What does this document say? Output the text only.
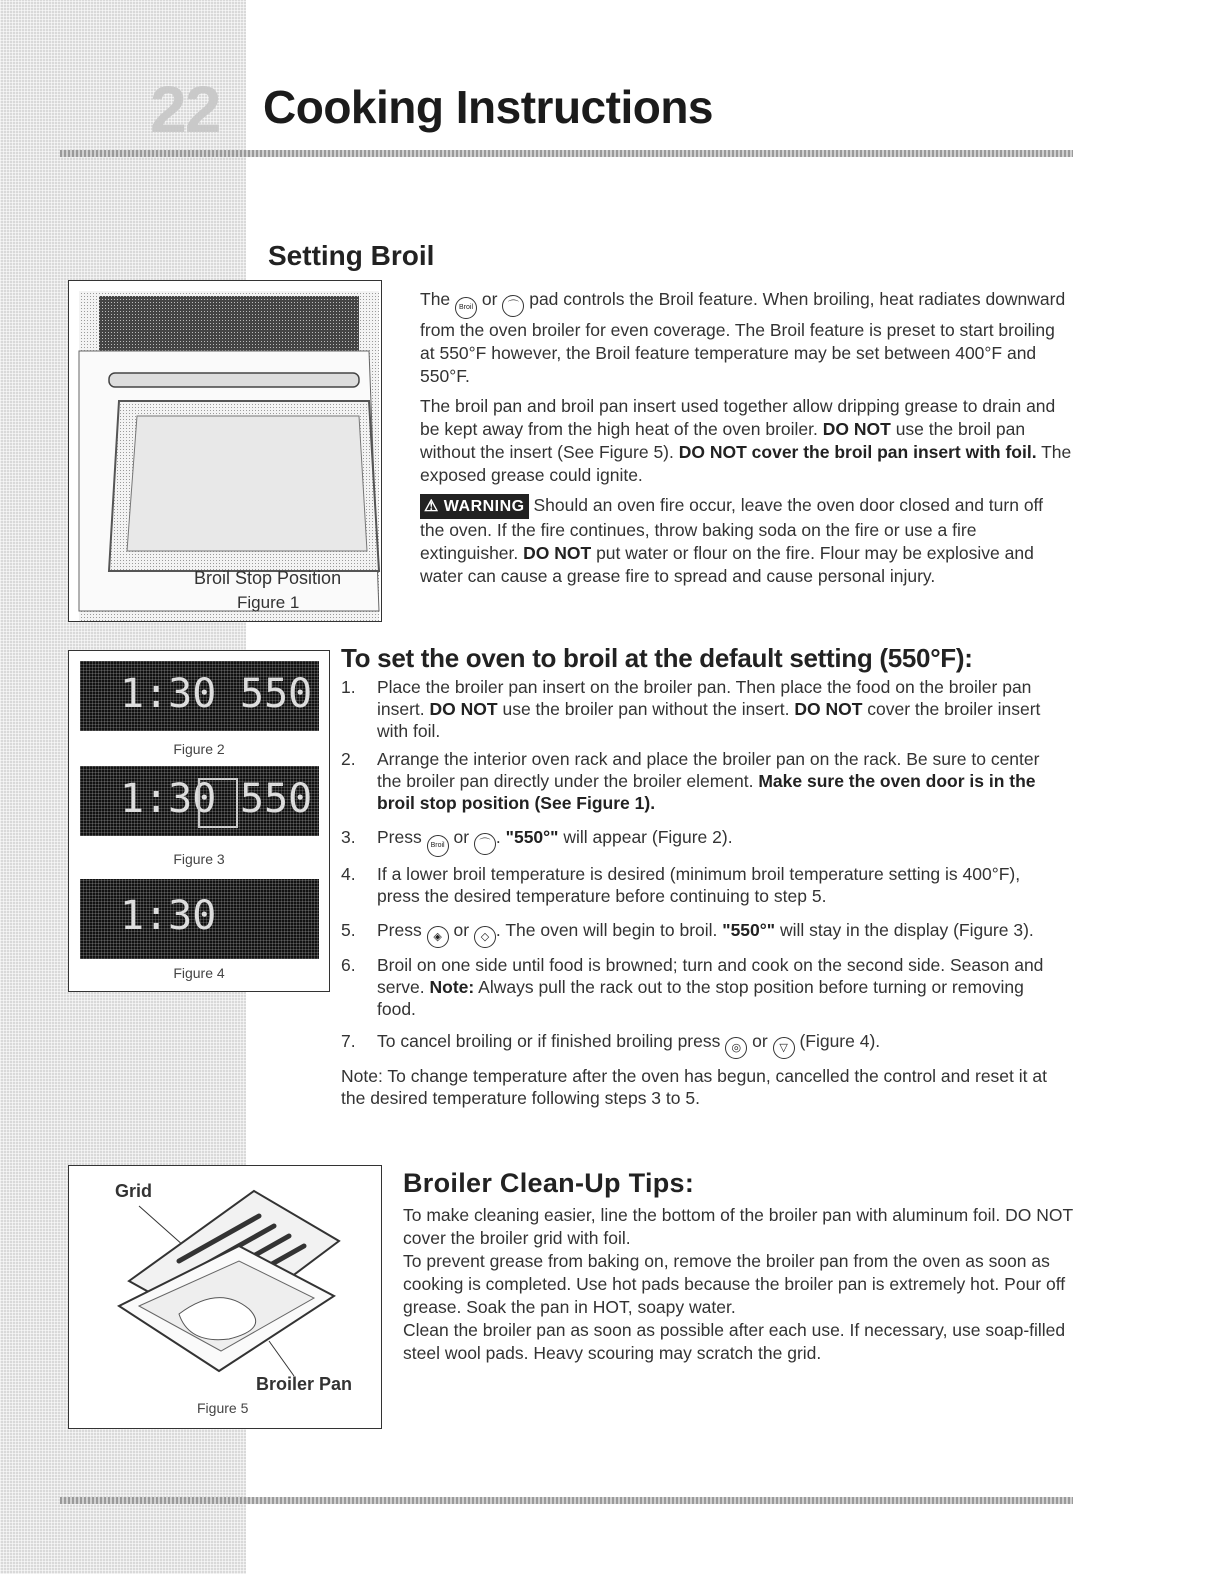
22 Cooking Instructions
Setting Broil
Broil Stop Position
Figure 1

The Broil or ⌒ pad controls the Broil feature. When broiling, heat radiates downward from the oven broiler for even coverage. The Broil feature is preset to start broiling at 550°F however, the Broil feature temperature may be set between 400°F and 550°F.

The broil pan and broil pan insert used together allow dripping grease to drain and be kept away from the high heat of the oven broiler. DO NOT use the broil pan without the insert (See Figure 5). DO NOT cover the broil pan insert with foil. The exposed grease could ignite.

⚠ WARNING Should an oven fire occur, leave the oven door closed and turn off the oven. If the fire continues, throw baking soda on the fire or use a fire extinguisher. DO NOT put water or flour on the fire. Flour may be explosive and water can cause a grease fire to spread and cause personal injury.

1:30 550
Figure 2
1:30 550
Figure 3
1:30
Figure 4
To set the oven to broil at the default setting (550°F):
1. Place the broiler pan insert on the broiler pan. Then place the food on the broiler pan insert. DO NOT use the broiler pan without the insert. DO NOT cover the broiler insert with foil.
2. Arrange the interior oven rack and place the broiler pan on the rack. Be sure to center the broiler pan directly under the broiler element. Make sure the oven door is in the broil stop position (See Figure 1).
3. Press Broil or ⌒ . "550°" will appear (Figure 2).
4. If a lower broil temperature is desired (minimum broil temperature setting is 400°F), press the desired temperature before continuing to step 5.
5. Press ◈ or ◇ . The oven will begin to broil. "550°" will stay in the display (Figure 3).
6. Broil on one side until food is browned; turn and cook on the second side. Season and serve. Note: Always pull the rack out to the stop position before turning or removing food.
7. To cancel broiling or if finished broiling press ◎ or ▽ (Figure 4).
Note: To change temperature after the oven has begun, cancelled the control and reset it at the desired temperature following steps 3 to 5.
Grid
Broiler Pan
Figure 5
Broiler Clean-Up Tips:
To make cleaning easier, line the bottom of the broiler pan with aluminum foil. DO NOT cover the broiler grid with foil.
To prevent grease from baking on, remove the broiler pan from the oven as soon as cooking is completed. Use hot pads because the broiler pan is extremely hot. Pour off grease. Soak the pan in HOT, soapy water.
Clean the broiler pan as soon as possible after each use. If necessary, use soap-filled steel wool pads. Heavy scouring may scratch the grid.
